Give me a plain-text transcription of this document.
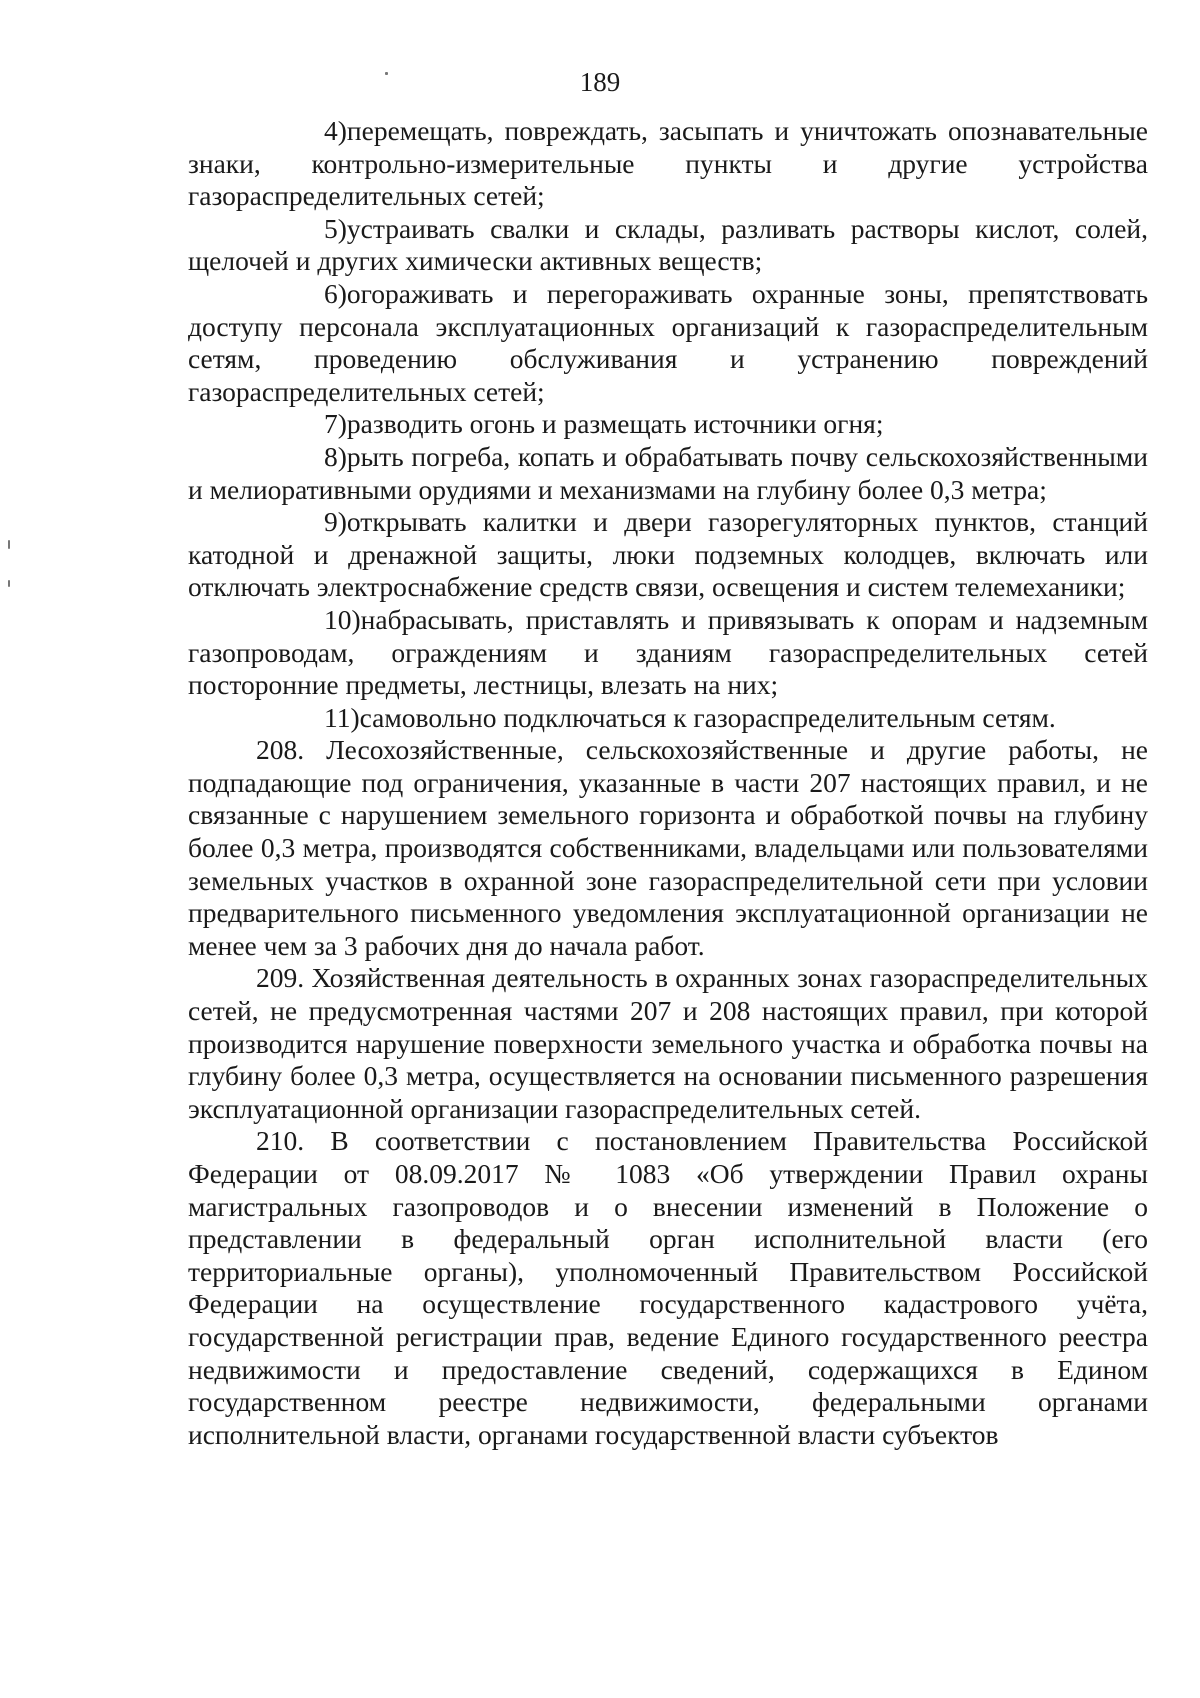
189

4)перемещать, повреждать, засыпать и уничтожать опознавательные знаки, контрольно-измерительные пункты и другие устройства газораспределительных сетей;

5)устраивать свалки и склады, разливать растворы кислот, солей, щелочей и других химически активных веществ;

6)огораживать и перегораживать охранные зоны, препятствовать доступу персонала эксплуатационных организаций к газораспределительным сетям, проведению обслуживания и устранению повреждений газораспределительных сетей;

7)разводить огонь и размещать источники огня;

8)рыть погреба, копать и обрабатывать почву сельскохозяйственными и мелиоративными орудиями и механизмами на глубину более 0,3 метра;

9)открывать калитки и двери газорегуляторных пунктов, станций катодной и дренажной защиты, люки подземных колодцев, включать или отключать электроснабжение средств связи, освещения и систем телемеханики;

10)набрасывать, приставлять и привязывать к опорам и надземным газопроводам, ограждениям и зданиям газораспределительных сетей посторонние предметы, лестницы, влезать на них;

11)самовольно подключаться к газораспределительным сетям.

208. Лесохозяйственные, сельскохозяйственные и другие работы, не подпадающие под ограничения, указанные в части 207 настоящих правил, и не связанные с нарушением земельного горизонта и обработкой почвы на глубину более 0,3 метра, производятся собственниками, владельцами или пользователями земельных участков в охранной зоне газораспределительной сети при условии предварительного письменного уведомления эксплуатационной организации не менее чем за 3 рабочих дня до начала работ.

209. Хозяйственная деятельность в охранных зонах газораспределительных сетей, не предусмотренная частями 207 и 208 настоящих правил, при которой производится нарушение поверхности земельного участка и обработка почвы на глубину более 0,3 метра, осуществляется на основании письменного разрешения эксплуатационной организации газораспределительных сетей.

210. В соответствии с постановлением Правительства Российской Федерации от 08.09.2017 № 1083 «Об утверждении Правил охраны магистральных газопроводов и о внесении изменений в Положение о представлении в федеральный орган исполнительной власти (его территориальные органы), уполномоченный Правительством Российской Федерации на осуществление государственного кадастрового учёта, государственной регистрации прав, ведение Единого государственного реестра недвижимости и предоставление сведений, содержащихся в Едином государственном реестре недвижимости, федеральными органами исполнительной власти, органами государственной власти субъектов
